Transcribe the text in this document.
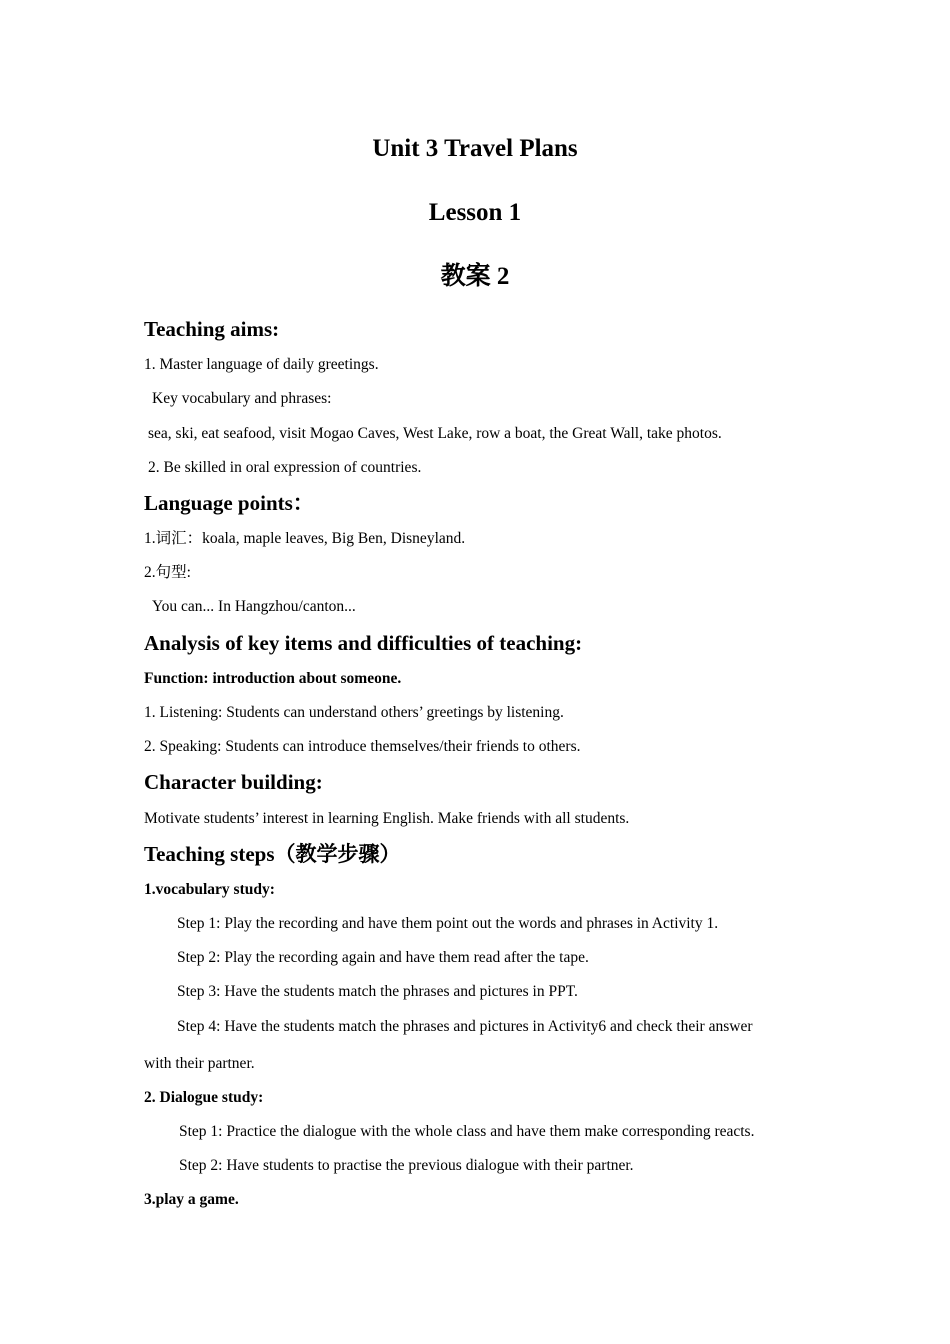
Unit 3 Travel Plans
Lesson 1
教案 2
Teaching aims:
1. Master language of daily greetings.
Key vocabulary and phrases:
sea, ski, eat seafood, visit Mogao Caves, West Lake, row a boat, the Great Wall, take photos.
2. Be skilled in oral expression of countries.
Language points：
1.词汇：koala, maple leaves, Big Ben, Disneyland.
2.句型:
You can... In Hangzhou/canton...
Analysis of key items and difficulties of teaching:
Function: introduction about someone.
1. Listening: Students can understand others’ greetings by listening.
2. Speaking: Students can introduce themselves/their friends to others.
Character building:
Motivate students’ interest in learning English. Make friends with all students.
Teaching steps（教学步骤）
1.vocabulary study:
Step 1: Play the recording and have them point out the words and phrases in Activity 1.
Step 2: Play the recording again and have them read after the tape.
Step 3: Have the students match the phrases and pictures in PPT.
Step 4: Have the students match the phrases and pictures in Activity6 and check their answer
with their partner.
2. Dialogue study:
Step 1: Practice the dialogue with the whole class and have them make corresponding reacts.
Step 2: Have students to practise the previous dialogue with their partner.
3.play a game.
